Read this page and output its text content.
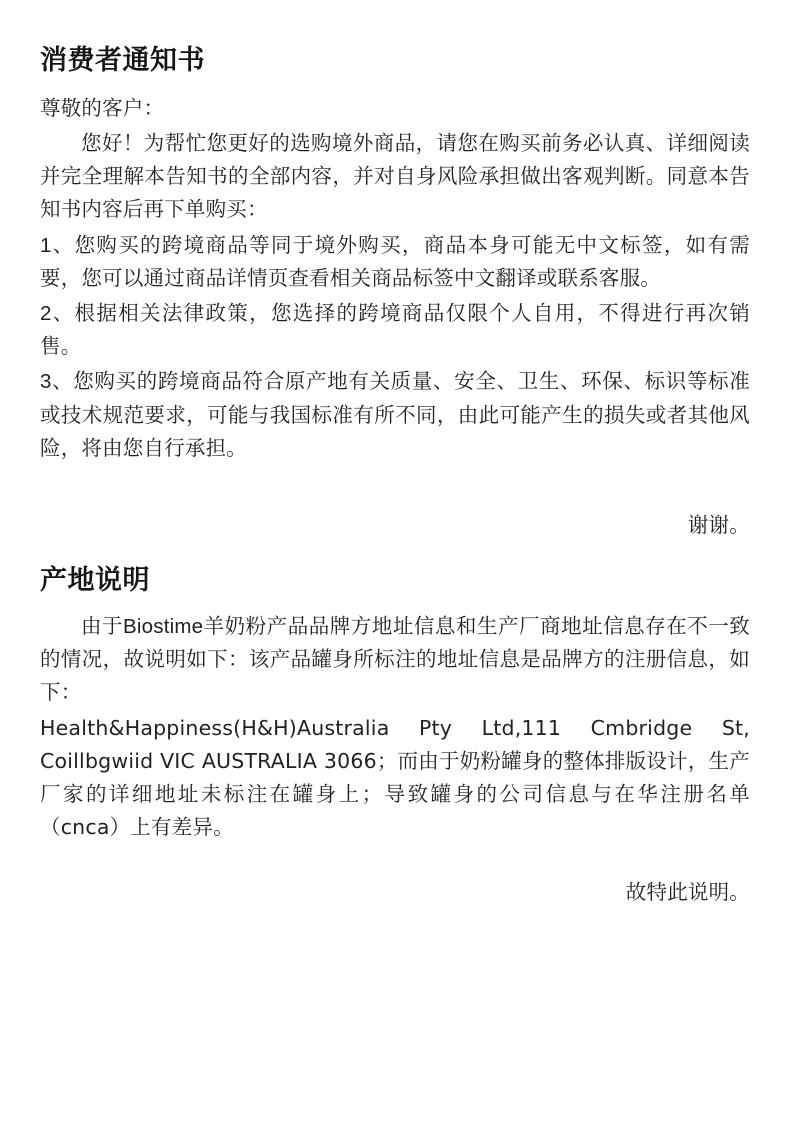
消费者通知书

尊敬的客户：

您好！为帮忙您更好的选购境外商品，请您在购买前务必认真、详细阅读并完全理解本告知书的全部内容，并对自身风险承担做出客观判断。同意本告知书内容后再下单购买：

1、您购买的跨境商品等同于境外购买，商品本身可能无中文标签，如有需要，您可以通过商品详情页查看相关商品标签中文翻译或联系客服。

2、根据相关法律政策，您选择的跨境商品仅限个人自用，不得进行再次销售。

3、您购买的跨境商品符合原产地有关质量、安全、卫生、环保、标识等标准或技术规范要求，可能与我国标准有所不同，由此可能产生的损失或者其他风险，将由您自行承担。

谢谢。

产地说明

由于Biostime羊奶粉产品品牌方地址信息和生产厂商地址信息存在不一致的情况，故说明如下：该产品罐身所标注的地址信息是品牌方的注册信息，如下：

Health&Happiness(H&H)Australia Pty Ltd,111 Cmbridge St, Coillbgwiid VIC AUSTRALIA 3066；而由于奶粉罐身的整体排版设计，生产厂家的详细地址未标注在罐身上；导致罐身的公司信息与在华注册名单（cnca）上有差异。

故特此说明。
